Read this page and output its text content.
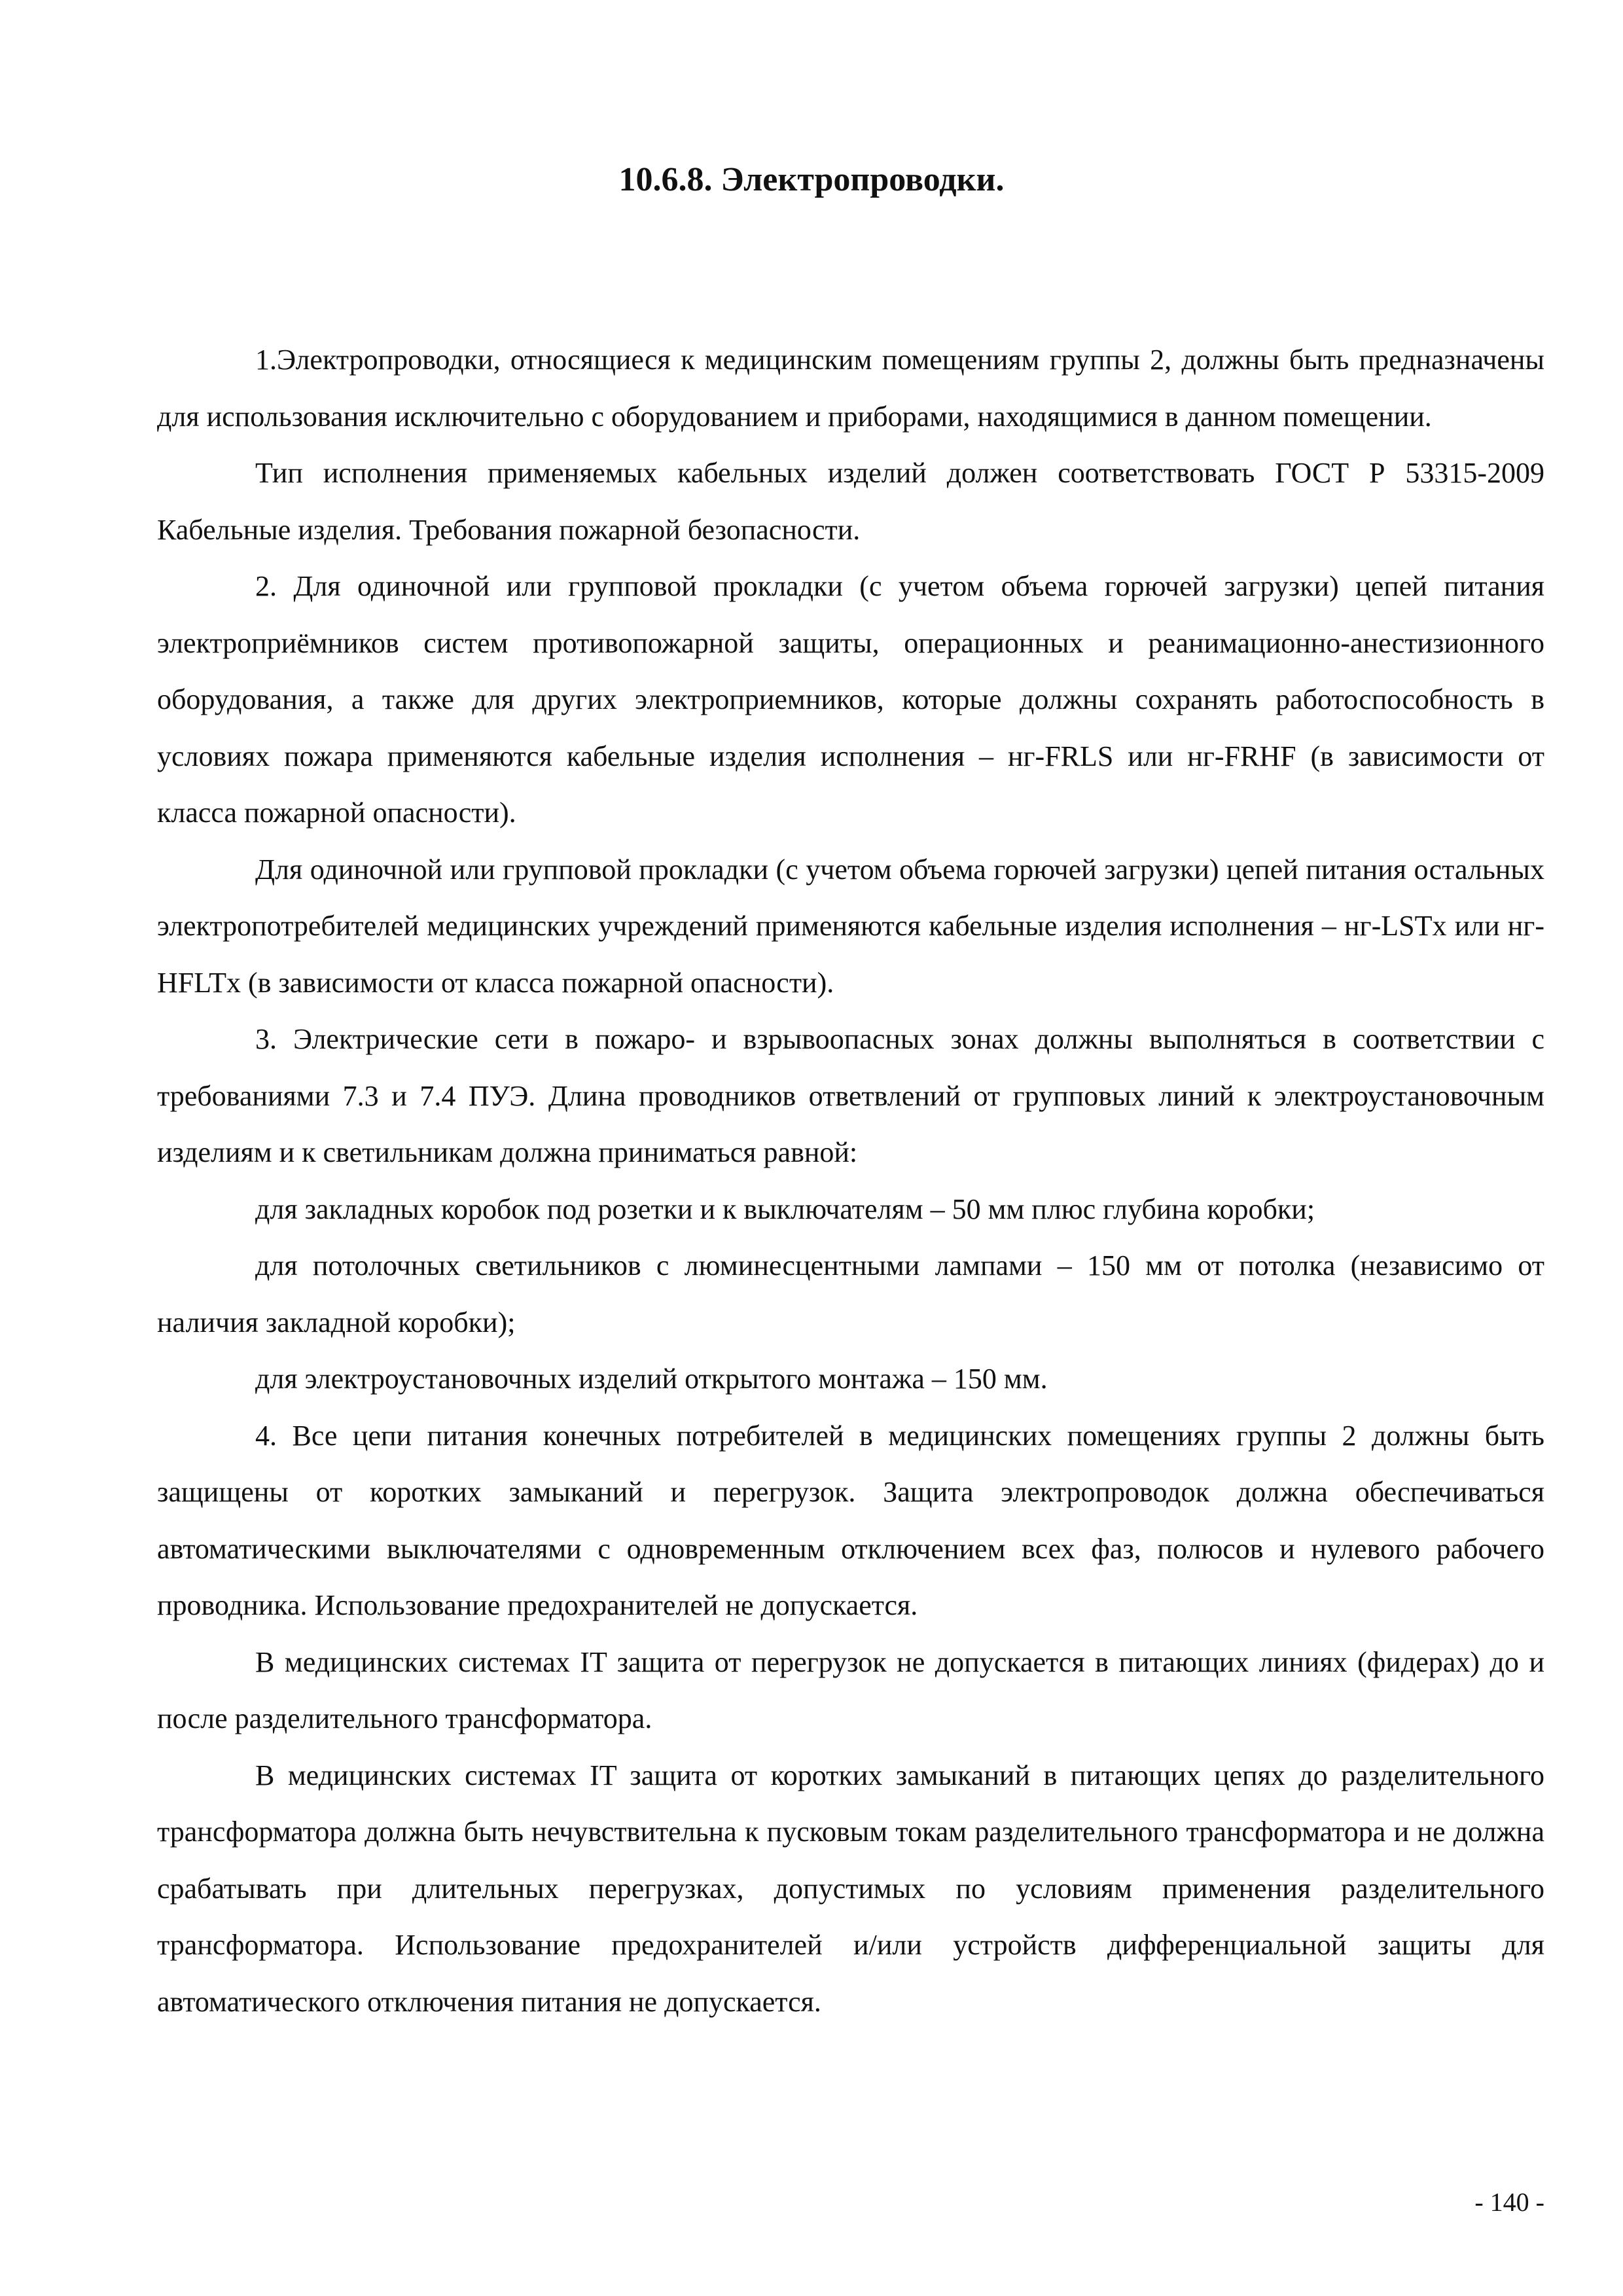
10.6.8. Электропроводки.

1.Электропроводки, относящиеся к медицинским помещениям группы 2, должны быть предназначены для использования исключительно с оборудованием и приборами, находящимися в данном помещении.

Тип исполнения применяемых кабельных изделий должен соответствовать ГОСТ Р 53315-2009 Кабельные изделия. Требования пожарной безопасности.

2. Для одиночной или групповой прокладки (с учетом объема горючей загрузки) цепей питания электроприёмников систем противопожарной защиты, операционных и реанимационно-анестизионного оборудования, а также для других электроприемников, которые должны сохранять работоспособность в условиях пожара применяются кабельные изделия исполнения – нг-FRLS или нг-FRHF (в зависимости от класса пожарной опасности).

Для одиночной или групповой прокладки (с учетом объема горючей загрузки) цепей питания остальных электропотребителей медицинских учреждений применяются кабельные изделия исполнения – нг-LSTx или нг-HFLTx (в зависимости от класса пожарной опасности).

3. Электрические сети в пожаро- и взрывоопасных зонах должны выполняться в соответствии с требованиями 7.3 и 7.4 ПУЭ. Длина проводников ответвлений от групповых линий к электроустановочным изделиям и к светильникам должна приниматься равной:

для закладных коробок под розетки и к выключателям – 50 мм плюс глубина коробки;

для потолочных светильников с люминесцентными лампами – 150 мм от потолка (независимо от наличия закладной коробки);

для электроустановочных изделий открытого монтажа – 150 мм.

4. Все цепи питания конечных потребителей в медицинских помещениях группы 2 должны быть защищены от коротких замыканий и перегрузок. Защита электропроводок должна обеспечиваться автоматическими выключателями с одновременным отключением всех фаз, полюсов и нулевого рабочего проводника. Использование предохранителей не допускается.

В медицинских системах IT защита от перегрузок не допускается в питающих линиях (фидерах) до и после разделительного трансформатора.

В медицинских системах IT защита от коротких замыканий в питающих цепях до разделительного трансформатора должна быть нечувствительна к пусковым токам разделительного трансформатора и не должна срабатывать при длительных перегрузках, допустимых по условиям применения разделительного трансформатора. Использование предохранителей и/или устройств дифференциальной защиты для автоматического отключения питания не допускается.

- 140 -
